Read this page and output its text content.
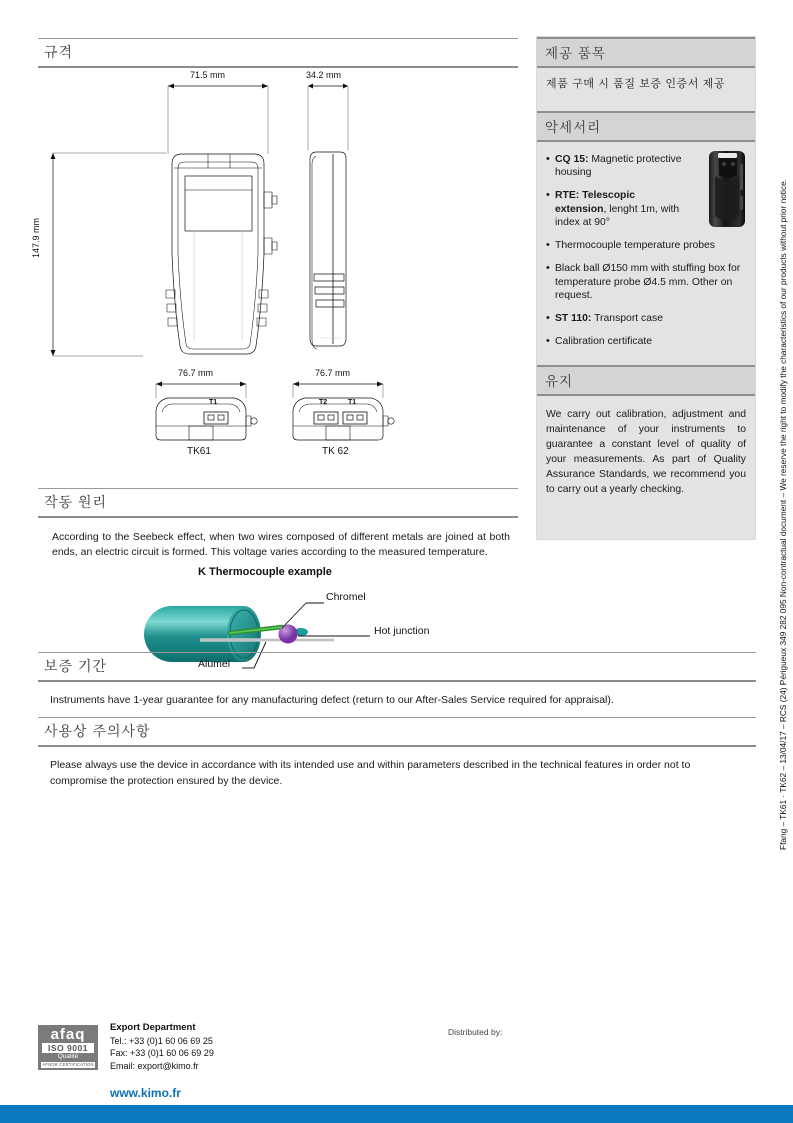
규격
71.5 mm	34.2 mm
147.9 mm
76.7 mm	76.7 mm
TK61	TK 62
T1	T2	T1
작동 원리
According to the Seebeck effect, when two wires composed of different metals are joined at both ends, an electric circuit is formed. This voltage varies according to the measured temperature.
K Thermocouple example
Chromel
Hot junction
Alumel
보증 기간
Instruments have 1-year guarantee for any manufacturing defect (return to our After-Sales Service required for appraisal).
사용상 주의사항
Please always use the device in accordance with its intended use and within parameters described in the technical features in order not to compromise the protection ensured by the device.
제공 품목
제품 구매 시 품질 보증 인증서 제공
악세서리
• CQ 15: Magnetic protective housing
• RTE: Telescopic extension, lenght 1m, with index at 90°
• Thermocouple temperature probes
• Black ball Ø150 mm with stuffing box for temperature probe Ø4.5 mm. Other on request.
• ST 110: Transport case
• Calibration certificate
유지
We carry out calibration, adjustment and maintenance of your instruments to guarantee a constant level of quality of your measurements. As part of Quality Assurance Standards, we recommend you to carry out a yearly checking.	Ffang – TK61 · TK62 – 13/04/17 – RCS (24) Périgueux 349 282 095 Non-contractual document – We reserve the right to modify the characteristics of our products without prior notice.
afaq
ISO 9001
Qualité
AFNOR CERTIFICATION
Export Department
Tel.: +33 (0)1 60 06 69 25
Fax: +33 (0)1 60 06 69 29
Email: export@kimo.fr
www.kimo.fr
Distributed by:
